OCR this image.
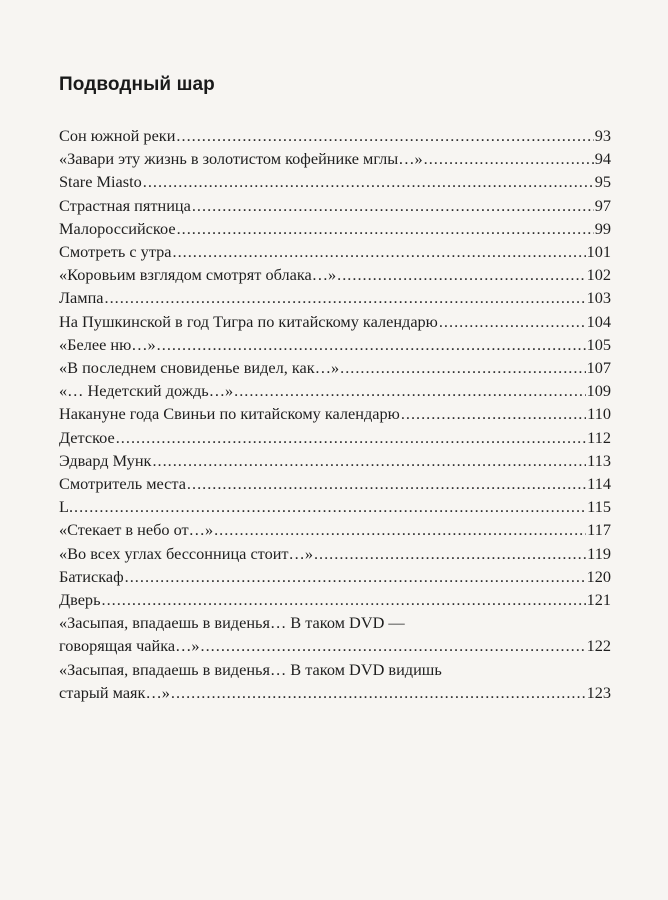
Подводный шар
Сон южной реки .....	93
«Завари эту жизнь в золотистом кофейнике мглы…» .....	94
Stare Miasto .....	95
Страстная пятница .....	97
Малороссийское .....	99
Смотреть с утра .....	101
«Коровьим взглядом смотрят облака…» .....	102
Лампа .....	103
На Пушкинской в год Тигра по китайскому календарю .....	104
«Белее ню…» .....	105
«В последнем сновиденье видел, как…» .....	107
«… Недетский дождь…» .....	109
Накануне года Свиньи по китайскому календарю .....	110
Детское .....	112
Эдвард Мунк .....	113
Смотритель места .....	114
L. .....	115
«Стекает в небо от…» .....	117
«Во всех углах бессонница стоит…» .....	119
Батискаф .....	120
Дверь .....	121
«Засыпая, впадаешь в виденья… В таком DVD —
говорящая чайка…» .....	122
«Засыпая, впадаешь в виденья… В таком DVD видишь
старый маяк…» .....	123
